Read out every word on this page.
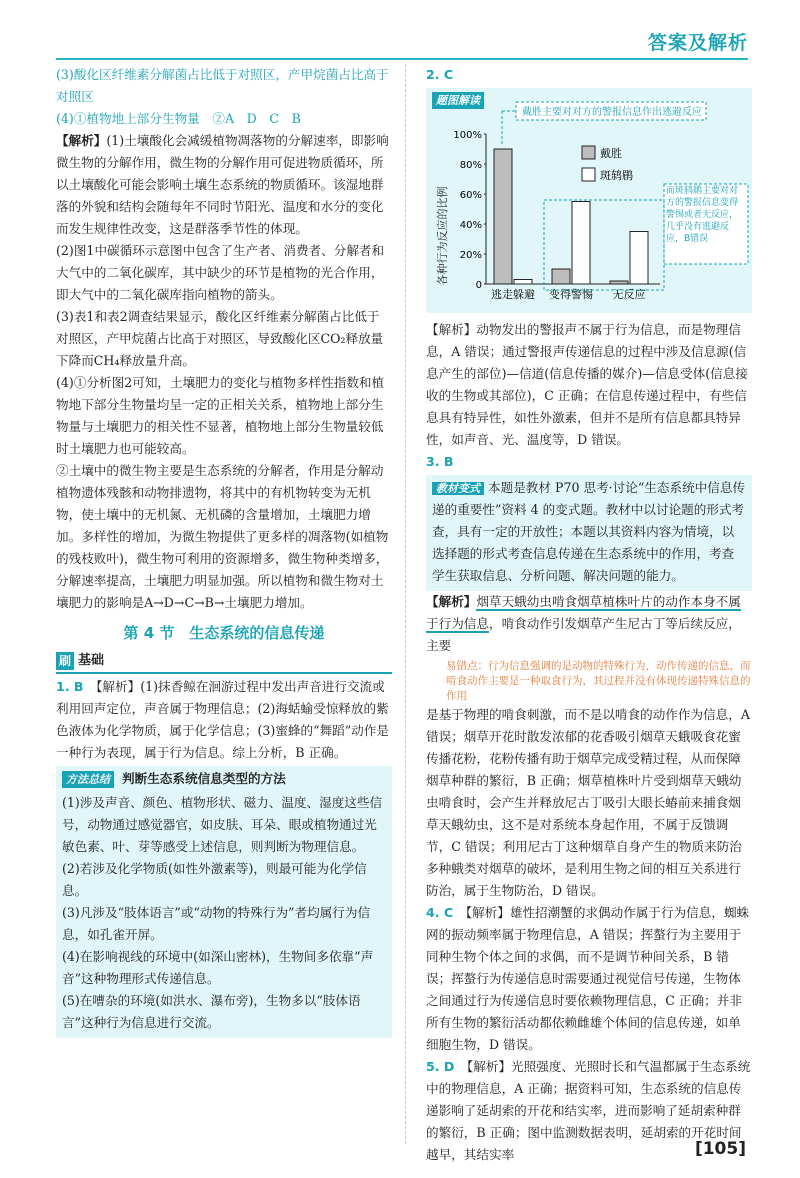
答案及解析

(3)酸化区纤维素分解菌占比低于对照区，产甲烷菌占比高于对照区

(4)①植物地上部分生物量　②A　D　C　B

【解析】(1)土壤酸化会减缓植物凋落物的分解速率，即影响微生物的分解作用，微生物的分解作用可促进物质循环，所以土壤酸化可能会影响土壤生态系统的物质循环。该湿地群落的外貌和结构会随每年不同时节阳光、温度和水分的变化而发生规律性改变，这是群落季节性的体现。

(2)图1中碳循环示意图中包含了生产者、消费者、分解者和大气中的二氧化碳库，其中缺少的环节是植物的光合作用，即大气中的二氧化碳库指向植物的箭头。

(3)表1和表2调查结果显示，酸化区纤维素分解菌占比低于对照区，产甲烷菌占比高于对照区，导致酸化区CO₂释放量下降而CH₄释放量升高。

(4)①分析图2可知，土壤肥力的变化与植物多样性指数和植物地下部分生物量均呈一定的正相关关系，植物地上部分生物量与土壤肥力的相关性不显著，植物地上部分生物量较低时土壤肥力也可能较高。

②土壤中的微生物主要是生态系统的分解者，作用是分解动植物遗体残骸和动物排遗物，将其中的有机物转变为无机物，使土壤中的无机氮、无机磷的含量增加，土壤肥力增加。多样性的增加，为微生物提供了更多样的凋落物(如植物的残枝败叶)，微生物可利用的资源增多，微生物种类增多，分解速率提高，土壤肥力明显加强。所以植物和微生物对土壤肥力的影响是A→D→C→B→土壤肥力增加。

第 4 节　生态系统的信息传递
刷 基础

1. B　 【解析】(1)抹香鲸在洄游过程中发出声音进行交流或利用回声定位，声音属于物理信息；(2)海蛞蝓受惊释放的紫色液体为化学物质，属于化学信息；(3)蜜蜂的“舞蹈”动作是一种行为表现，属于行为信息。综上分析，B 正确。

方法总结 判断生态系统信息类型的方法

(1)涉及声音、颜色、植物形状、磁力、温度、湿度这些信号，动物通过感觉器官，如皮肤、耳朵、眼或植物通过光敏色素、叶、芽等感受上述信息，则判断为物理信息。

(2)若涉及化学物质(如性外激素等)，则最可能为化学信息。

(3)凡涉及“肢体语言”或“动物的特殊行为”者均属行为信息，如孔雀开屏。

(4)在影响视线的环境中(如深山密林)，生物间多依靠“声音”这种物理形式传递信息。

(5)在嘈杂的环境(如洪水、瀑布旁)，生物多以“肢体语言”这种行为信息进行交流。

2. C

题图解读
各种行为反应的比例
100%
80%
60%
40%
20%
0
逃走躲避 变得警惕 无反应
戴胜
斑鸫鹛
戴胜主要对对方的警报信息作出逃避反应
而斑鸫鹛主要对对方的警报信息变得警惕或者无反应，几乎没有逃避反应，B错误

【解析】动物发出的警报声不属于行为信息，而是物理信息，A 错误；通过警报声传递信息的过程中涉及信息源(信息产生的部位)—信道(信息传播的媒介)—信息受体(信息接收的生物或其部位)，C 正确；在信息传递过程中，有些信息具有特异性，如性外激素，但并不是所有信息都具特异性，如声音、光、温度等，D 错误。

3. B

教材变式 本题是教材 P70 思考·讨论“生态系统中信息传递的重要性”资料 4 的变式题。教材中以讨论题的形式考查，具有一定的开放性；本题以其资料内容为情境，以选择题的形式考查信息传递在生态系统中的作用，考查学生获取信息、分析问题、解决问题的能力。

【解析】烟草天蛾幼虫啃食烟草植株叶片的动作本身不属于行为信息，啃食动作引发烟草产生尼古丁等后续反应，主要

易错点：行为信息强调的是动物的特殊行为，动作传递的信息，而啃食动作主要是一种取食行为，其过程并没有体现传递特殊信息的作用

是基于物理的啃食刺激，而不是以啃食的动作作为信息，A 错误；烟草开花时散发浓郁的花香吸引烟草天蛾吸食花蜜传播花粉，花粉传播有助于烟草完成受精过程，从而保障烟草种群的繁衍，B 正确；烟草植株叶片受到烟草天蛾幼虫啃食时，会产生并释放尼古丁吸引大眼长蝽前来捕食烟草天蛾幼虫，这不是对系统本身起作用，不属于反馈调节，C 错误；利用尼古丁这种烟草自身产生的物质来防治多种蛾类对烟草的破坏，是利用生物之间的相互关系进行防治，属于生物防治，D 错误。

4. C　 【解析】雄性招潮蟹的求偶动作属于行为信息，蜘蛛网的振动频率属于物理信息，A 错误；挥螯行为主要用于同种生物个体之间的求偶，而不是调节种间关系，B 错误；挥螯行为传递信息时需要通过视觉信号传递，生物体之间通过行为传递信息时要依赖物理信息，C 正确；并非所有生物的繁衍活动都依赖雌雄个体间的信息传递，如单细胞生物，D 错误。

5. D　 【解析】光照强度、光照时长和气温都属于生态系统中的物理信息，A 正确；据资料可知，生态系统的信息传递影响了延胡索的开花和结实率，进而影响了延胡索种群的繁衍，B 正确；图中监测数据表明，延胡索的开花时间越早，其结实率	[105]
